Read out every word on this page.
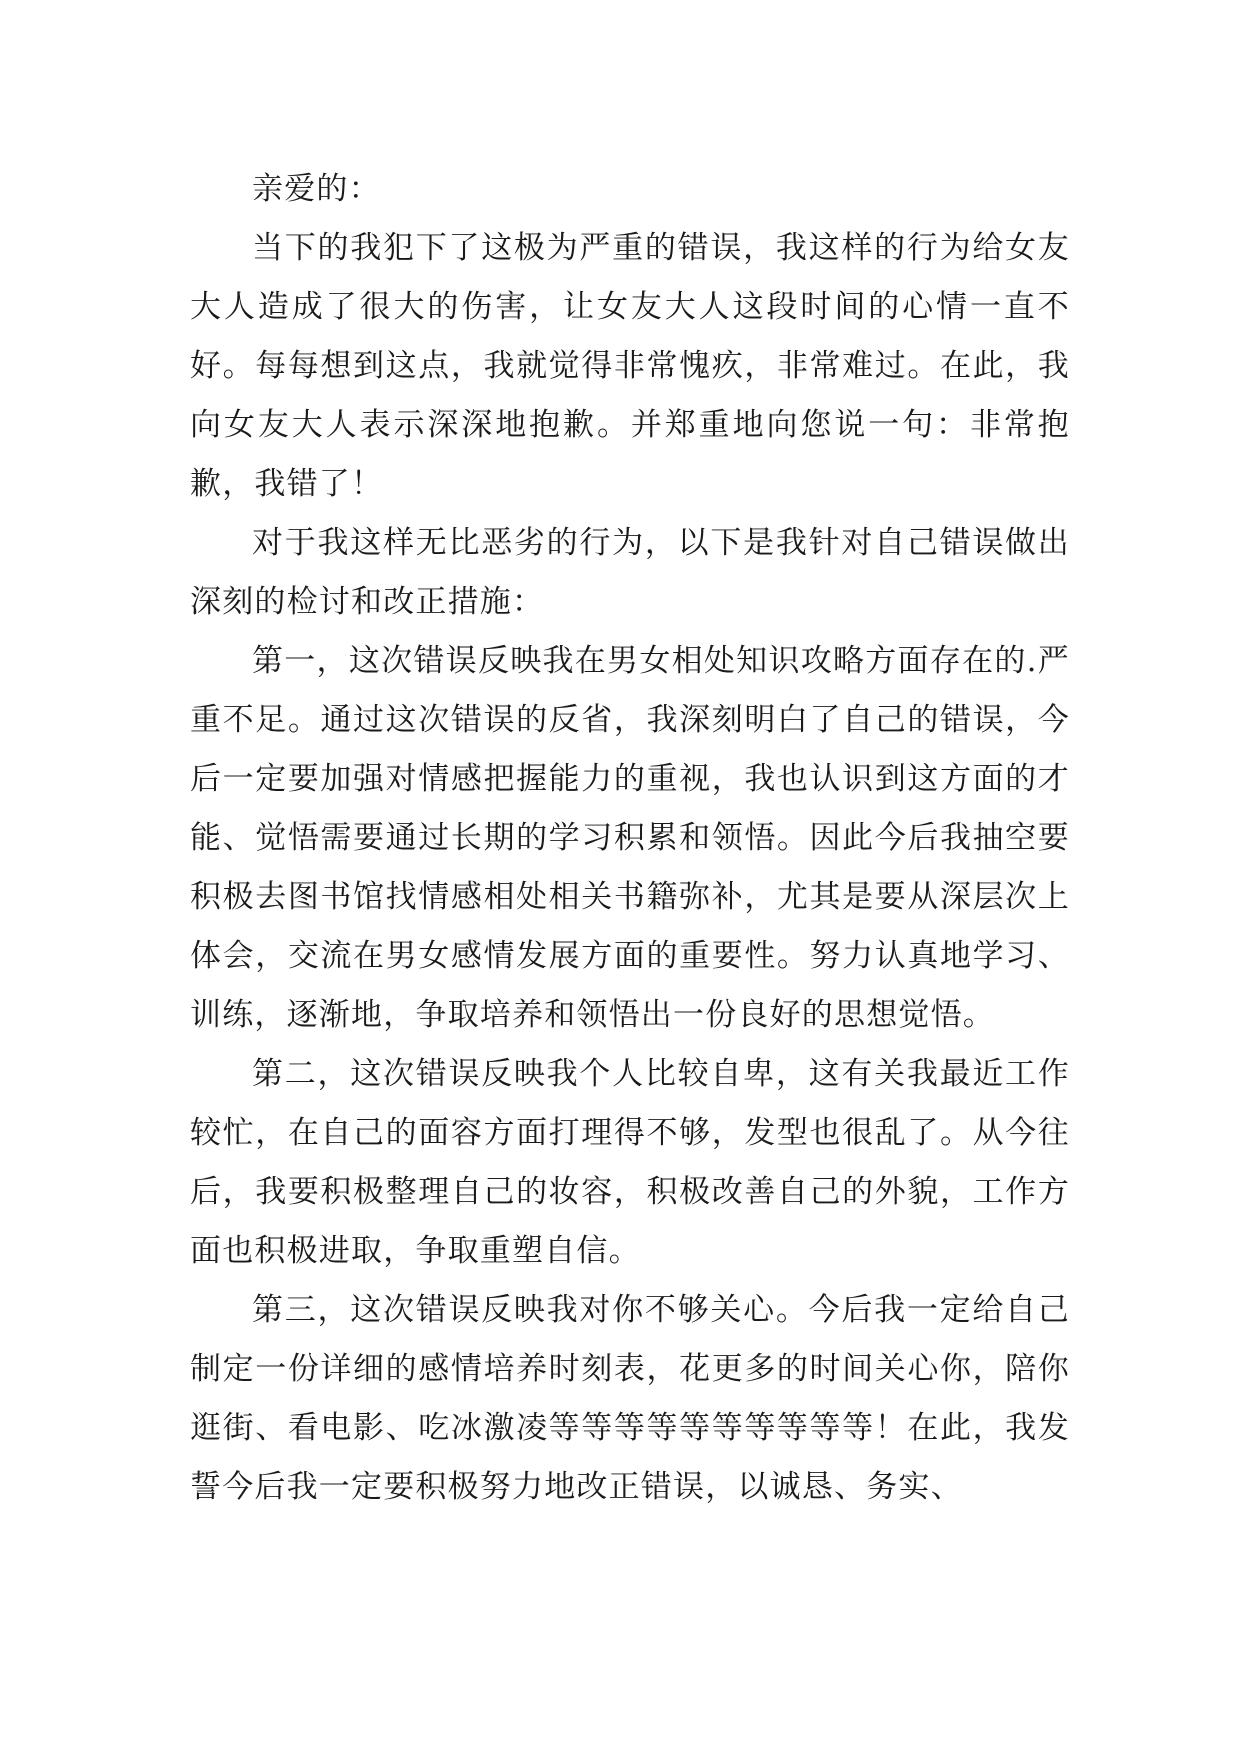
亲爱的：

当下的我犯下了这极为严重的错误，我这样的行为给女友大人造成了很大的伤害，让女友大人这段时间的心情一直不好。每每想到这点，我就觉得非常愧疚，非常难过。在此，我向女友大人表示深深地抱歉。并郑重地向您说一句：非常抱歉，我错了！

对于我这样无比恶劣的行为，以下是我针对自己错误做出深刻的检讨和改正措施：

第一，这次错误反映我在男女相处知识攻略方面存在的.严重不足。通过这次错误的反省，我深刻明白了自己的错误，今后一定要加强对情感把握能力的重视，我也认识到这方面的才能、觉悟需要通过长期的学习积累和领悟。因此今后我抽空要积极去图书馆找情感相处相关书籍弥补，尤其是要从深层次上体会，交流在男女感情发展方面的重要性。努力认真地学习、训练，逐渐地，争取培养和领悟出一份良好的思想觉悟。

第二，这次错误反映我个人比较自卑，这有关我最近工作较忙，在自己的面容方面打理得不够，发型也很乱了。从今往后，我要积极整理自己的妆容，积极改善自己的外貌，工作方面也积极进取，争取重塑自信。

第三，这次错误反映我对你不够关心。今后我一定给自己制定一份详细的感情培养时刻表，花更多的时间关心你，陪你逛街、看电影、吃冰激凌等等等等等等等等等等！在此，我发誓今后我一定要积极努力地改正错误，以诚恳、务实、
